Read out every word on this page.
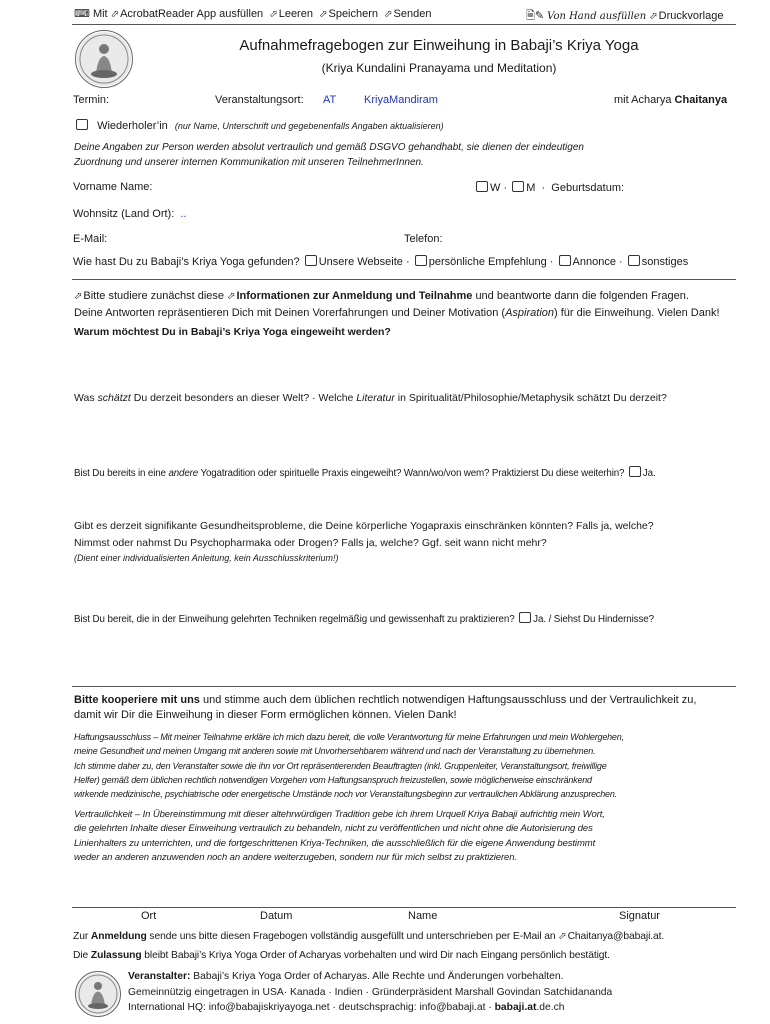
⌨ Mit ⬀AcrobatReader App ausfüllen ⬀Leeren ⬀Speichern ⬀Senden	🗎✎ Von Hand ausfüllen ⬀Druckvorlage
Aufnahmefragebogen zur Einweihung in Babaji’s Kriya Yoga
(Kriya Kundalini Pranayama und Meditation)
Termin:	Veranstaltungsort: AT	KriyaMandiram	mit Acharya Chaitanya
Wiederholer’in (nur Name, Unterschrift und gegebenenfalls Angaben aktualisieren)
Deine Angaben zur Person werden absolut vertraulich und gemäß DSGVO gehandhabt, sie dienen der eindeutigen
Zuordnung und unserer internen Kommunikation mit unseren TeilnehmerInnen.
Vorname Name:	W · M · Geburtsdatum:
Wohnsitz (Land Ort): ..
E-Mail:	Telefon:
Wie hast Du zu Babaji’s Kriya Yoga gefunden? Unsere Webseite · persönliche Empfehlung · Annonce · sonstiges
⬀Bitte studiere zunächst diese ⬀Informationen zur Anmeldung und Teilnahme und beantworte dann die folgenden Fragen.
Deine Antworten repräsentieren Dich mit Deinen Vorerfahrungen und Deiner Motivation (Aspiration) für die Einweihung. Vielen Dank!
Warum möchtest Du in Babaji’s Kriya Yoga eingeweiht werden?
Was schätzt Du derzeit besonders an dieser Welt? · Welche Literatur in Spiritualität/Philosophie/Metaphysik schätzt Du derzeit?
Bist Du bereits in eine andere Yogatradition oder spirituelle Praxis eingeweiht? Wann/wo/von wem? Praktizierst Du diese weiterhin? Ja.
Gibt es derzeit signifikante Gesundheitsprobleme, die Deine körperliche Yogapraxis einschränken könnten? Falls ja, welche?
Nimmst oder nahmst Du Psychopharmaka oder Drogen? Falls ja, welche? Ggf. seit wann nicht mehr?
(Dient einer individualisierten Anleitung, kein Ausschlusskriterium!)
Bist Du bereit, die in der Einweihung gelehrten Techniken regelmäßig und gewissenhaft zu praktizieren? Ja. / Siehst Du Hindernisse?
Bitte kooperiere mit uns und stimme auch dem üblichen rechtlich notwendigen Haftungsausschluss und der Vertraulichkeit zu,
damit wir Dir die Einweihung in dieser Form ermöglichen können. Vielen Dank!
Haftungsausschluss – Mit meiner Teilnahme erkläre ich mich dazu bereit, die volle Verantwortung für meine Erfahrungen und mein Wohlergehen,
meine Gesundheit und meinen Umgang mit anderen sowie mit Unvorhersehbarem während und nach der Veranstaltung zu übernehmen.
Ich stimme daher zu, den Veranstalter sowie die ihn vor Ort repräsentierenden Beauftragten (inkl. Gruppenleiter, Veranstaltungsort, freiwillige
Helfer) gemäß dem üblichen rechtlich notwendigen Vorgehen vom Haftungsanspruch freizustellen, sowie möglicherweise einschränkend
wirkende medizinische, psychiatrische oder energetische Umstände noch vor Veranstaltungsbeginn zur vertraulichen Abklärung anzusprechen.
Vertraulichkeit – In Übereinstimmung mit dieser altehrwürdigen Tradition gebe ich ihrem Urquell Kriya Babaji aufrichtig mein Wort,
die gelehrten Inhalte dieser Einweihung vertraulich zu behandeln, nicht zu veröffentlichen und nicht ohne die Autorisierung des
Linienhalters zu unterrichten, und die fortgeschrittenen Kriya-Techniken, die ausschließlich für die eigene Anwendung bestimmt
weder an anderen anzuwenden noch an andere weiterzugeben, sondern nur für mich selbst zu praktizieren.
Ort	Datum	Name	Signatur
Zur Anmeldung sende uns bitte diesen Fragebogen vollständig ausgefüllt und unterschrieben per E-Mail an ⬀Chaitanya@babaji.at.
Die Zulassung bleibt Babaji’s Kriya Yoga Order of Acharyas vorbehalten und wird Dir nach Eingang persönlich bestätigt.
Veranstalter: Babaji’s Kriya Yoga Order of Acharyas. Alle Rechte und Änderungen vorbehalten.
Gemeinnützig eingetragen in USA· Kanada · Indien · Gründerpräsident Marshall Govindan Satchidananda
International HQ: info@babajiskriyayoga.net · deutschsprachig: info@babaji.at · babaji.at.de.ch
